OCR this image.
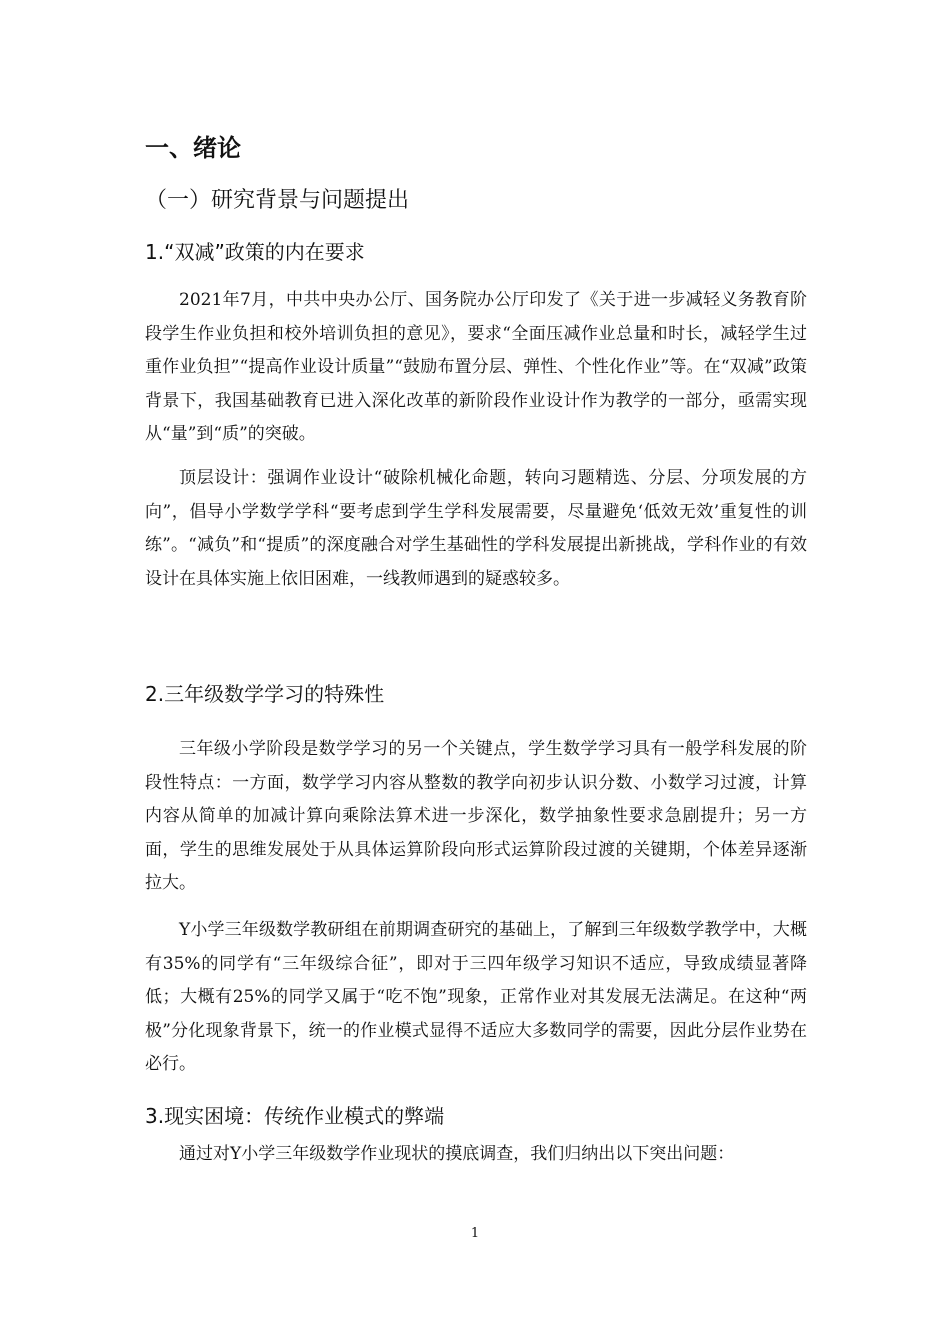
一、绪论
（一）研究背景与问题提出
1.“双减”政策的内在要求

2021年7月，中共中央办公厅、国务院办公厅印发了《关于进一步减轻义务教育阶段学生作业负担和校外培训负担的意见》，要求“全面压减作业总量和时长，减轻学生过重作业负担”“提高作业设计质量”“鼓励布置分层、弹性、个性化作业”等。在“双减”政策背景下，我国基础教育已进入深化改革的新阶段作业设计作为教学的一部分，亟需实现从“量”到“质”的突破。

顶层设计：强调作业设计“破除机械化命题，转向习题精选、分层、分项发展的方向”，倡导小学数学学科“要考虑到学生学科发展需要，尽量避免‘低效无效’重复性的训练”。“减负”和“提质”的深度融合对学生基础性的学科发展提出新挑战，学科作业的有效设计在具体实施上依旧困难，一线教师遇到的疑惑较多。

2.三年级数学学习的特殊性

三年级小学阶段是数学学习的另一个关键点，学生数学学习具有一般学科发展的阶段性特点：一方面，数学学习内容从整数的教学向初步认识分数、小数学习过渡，计算内容从简单的加减计算向乘除法算术进一步深化，数学抽象性要求急剧提升；另一方面，学生的思维发展处于从具体运算阶段向形式运算阶段过渡的关键期，个体差异逐渐拉大。

Y小学三年级数学教研组在前期调查研究的基础上，了解到三年级数学教学中，大概有35%的同学有“三年级综合征”，即对于三四年级学习知识不适应，导致成绩显著降低；大概有25%的同学又属于“吃不饱”现象，正常作业对其发展无法满足。在这种“两极”分化现象背景下，统一的作业模式显得不适应大多数同学的需要，因此分层作业势在必行。

3.现实困境：传统作业模式的弊端

通过对Y小学三年级数学作业现状的摸底调查，我们归纳出以下突出问题：

1
